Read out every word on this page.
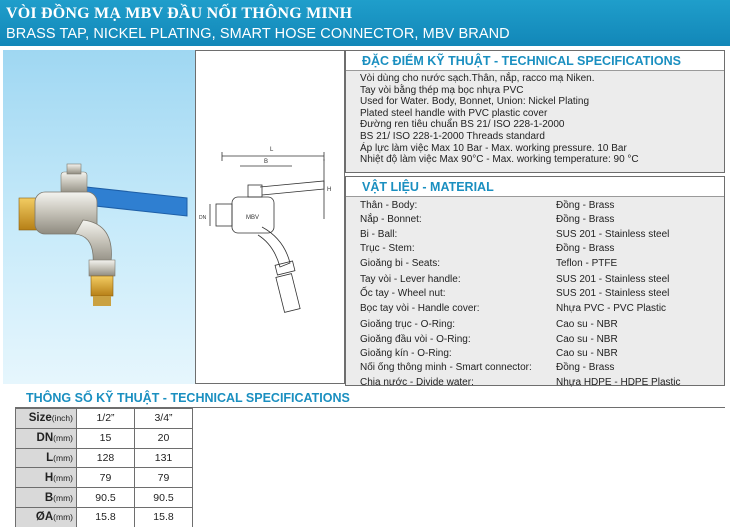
VÒI ĐỒNG MẠ MBV ĐẦU NỐI THÔNG MINH
BRASS TAP, NICKEL PLATING, SMART HOSE CONNECTOR, MBV BRAND
L
B
H
DN	MBV
ĐẶC ĐIỂM KỸ THUẬT - TECHNICAL SPECIFICATIONS
Vòi dùng cho nước sạch.Thân, nắp, racco mạ Niken.
Tay vòi bằng thép mạ bọc nhựa PVC
Used for Water. Body, Bonnet, Union: Nickel Plating
Plated steel handle with PVC plastic cover
Đường ren tiêu chuẩn BS 21/ ISO 228-1-2000
BS 21/ ISO 228-1-2000 Threads standard
Áp lực làm việc Max 10 Bar - Max. working pressure. 10 Bar
Nhiệt độ làm việc Max 90°C - Max. working temperature: 90 °C
VẬT LIỆU - MATERIAL
Thân - Body:	Đồng - Brass
Nắp - Bonnet:	Đồng - Brass
Bi - Ball:	SUS 201 - Stainless steel
Trục - Stem:	Đồng - Brass
Gioăng bi - Seats:	Teflon - PTFE
Tay vòi - Lever handle:	SUS 201 - Stainless steel
Ốc tay - Wheel nut:	SUS 201 - Stainless steel
Bọc tay vòi - Handle cover:	Nhựa PVC - PVC Plastic
Gioăng trục - O-Ring:	Cao su - NBR
Gioăng đầu vòi - O-Ring:	Cao su - NBR
Gioăng kín - O-Ring:	Cao su - NBR
Nối ống thông minh - Smart connector: Đồng - Brass
Chia nước - Divide water:	Nhựa HDPE - HDPE Plastic
THÔNG SỐ KỸ THUẬT - TECHNICAL SPECIFICATIONS
Size(inch)	1/2”	3/4”
DN(mm)	15	20
L(mm)	128	131
H(mm)	79	79
B(mm)	90.5	90.5
ØA(mm)	15.8	15.8
